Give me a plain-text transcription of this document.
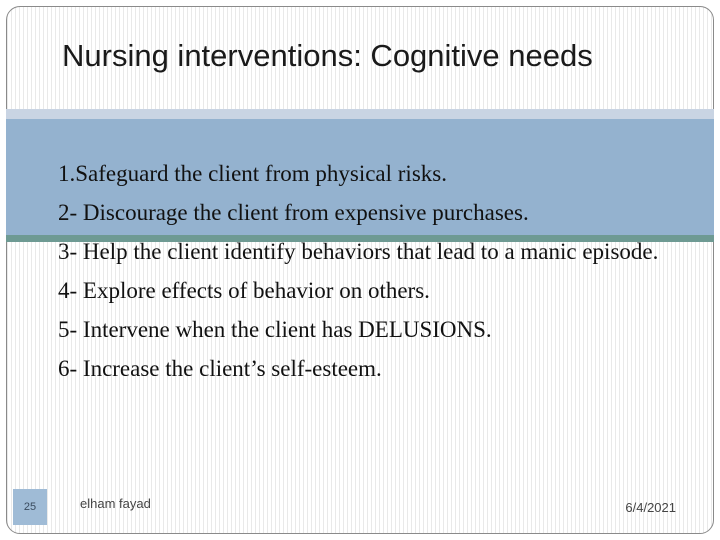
Nursing interventions: Cognitive needs
1.Safeguard the client from physical risks.
2- Discourage the client from expensive purchases.
3- Help the client identify behaviors that lead to a manic episode.
4- Explore effects of behavior on others.
5- Intervene when the client has DELUSIONS.
6- Increase the client’s self-esteem.
25	elham fayad	6/4/2021
